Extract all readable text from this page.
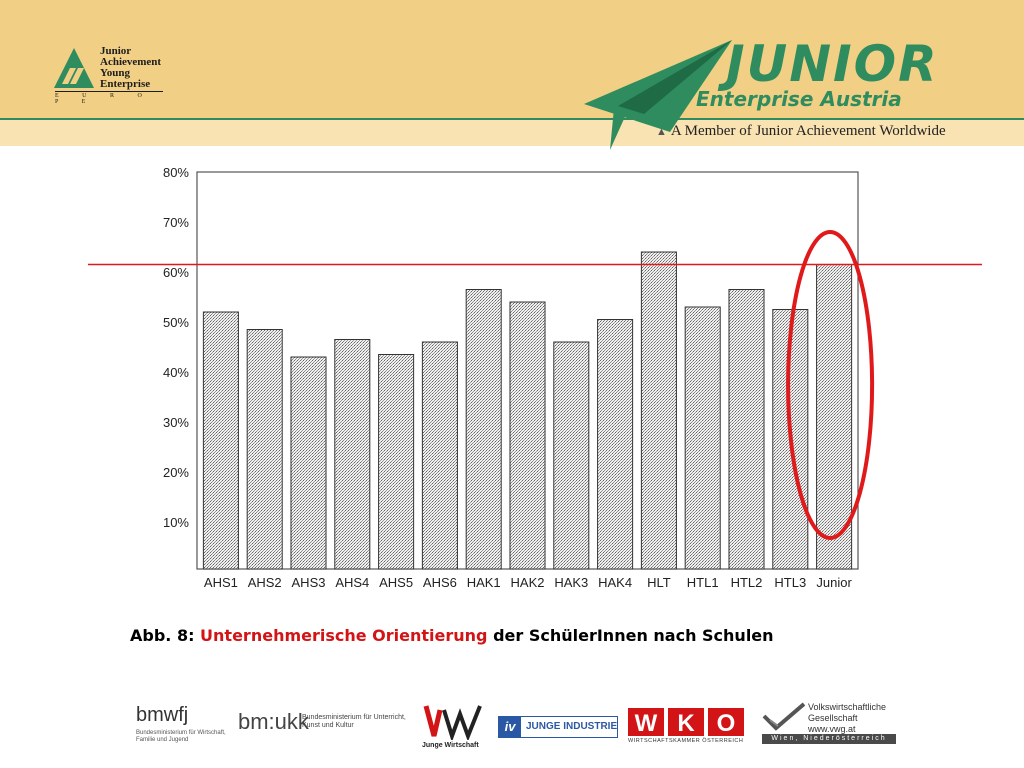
Junior
Achievement
Young
Enterprise
E U R O P E
JUNIOR
Enterprise Austria
▲ A Member of Junior Achievement Worldwide
80%
70%
60%
50%
40%
30%
20%
10%
AHS1 AHS2 AHS3 AHS4 AHS5 AHS6 HAK1 HAK2 HAK3 HAK4 HLT HTL1 HTL2 HTL3 Junior
Abb. 8: Unternehmerische Orientierung der SchülerInnen nach Schulen
bmwfj
Bundesministerium für Wirtschaft, Familie und Jugend
bm:ukk
Bundesministerium für Unterricht, Kunst und Kultur
Junge Wirtschaft
iv	JUNGE INDUSTRIE W K O
WIRTSCHAFTSKAMMER ÖSTERREICH
Volkswirtschaftliche
Gesellschaft
www.vwg.at
Wien, Niederösterreich
